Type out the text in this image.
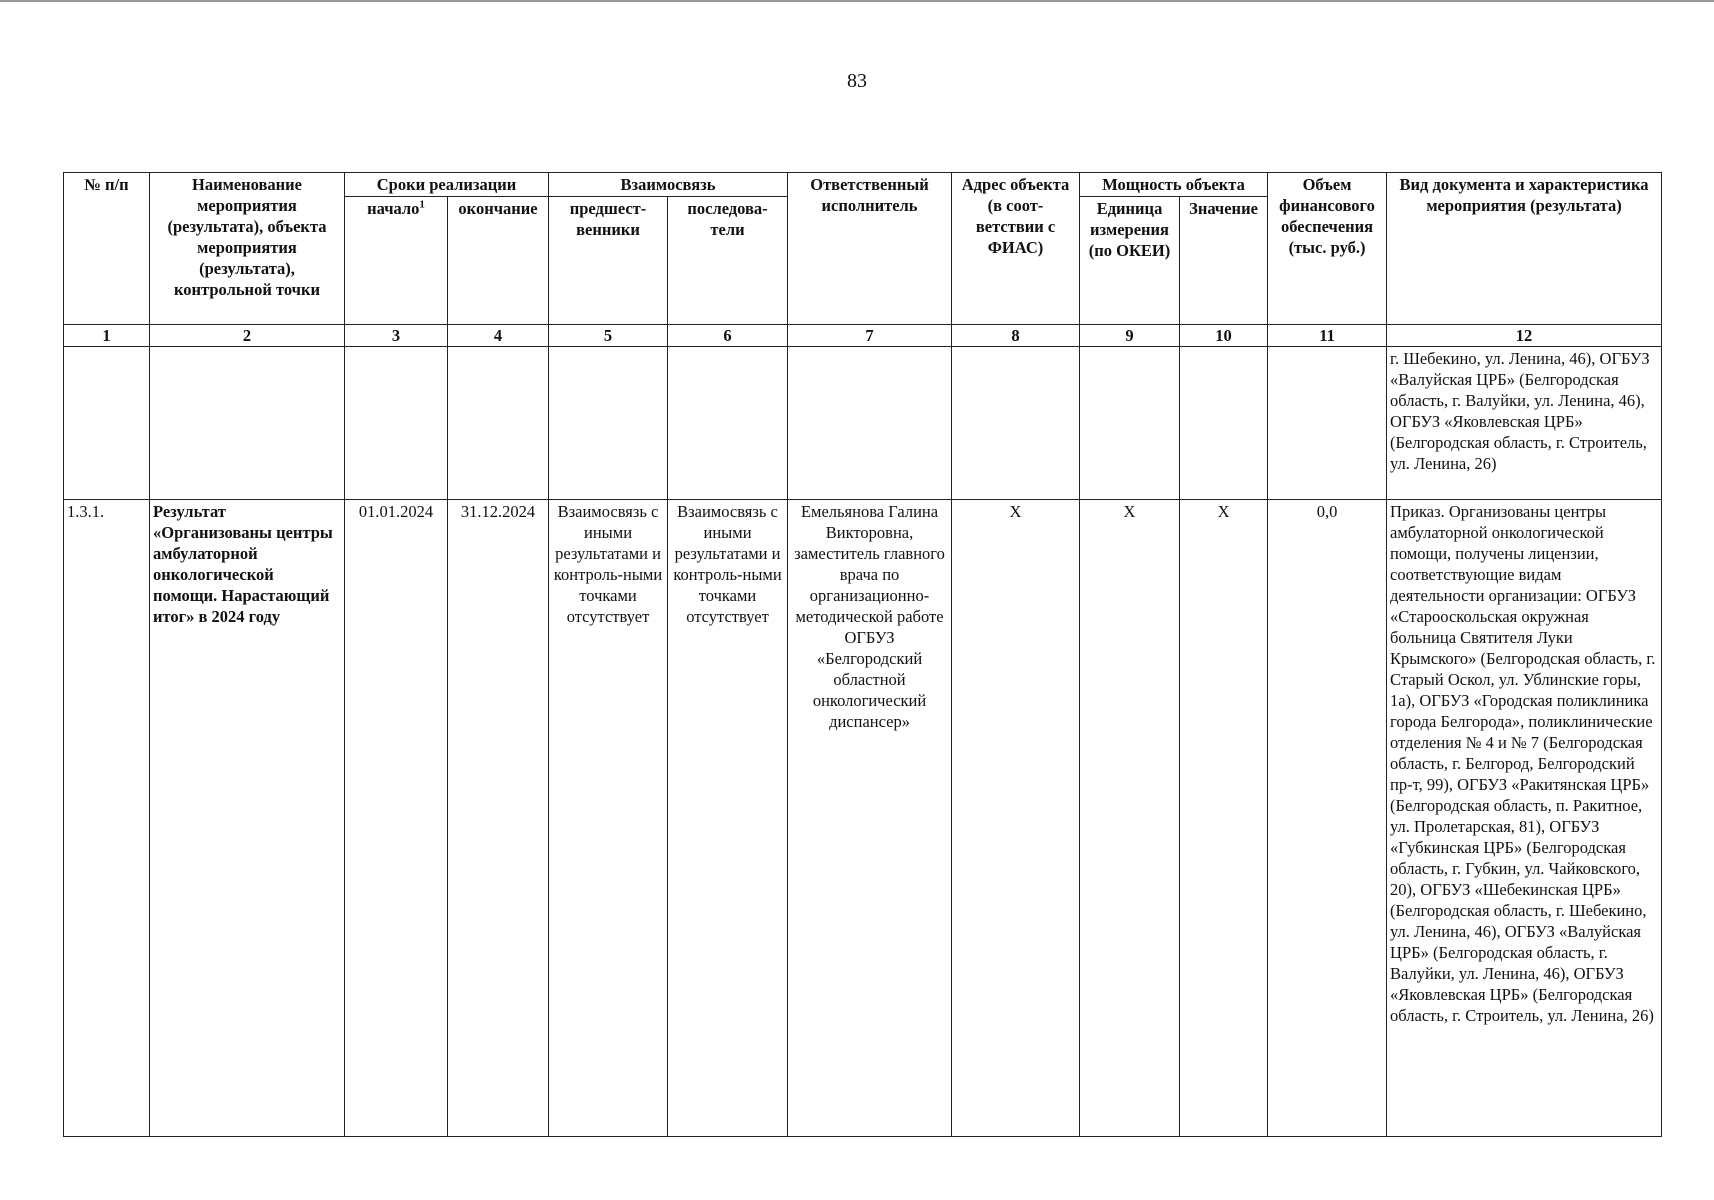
83
№ п/п	Наименование мероприятия (результата), объекта мероприятия (результата), контрольной точки	Сроки реализации		Взаимосвязь		Ответственный исполнитель	Адрес объекта (в соот-ветствии с ФИАС)	Мощность объекта		Объем финансового обеспечения (тыс. руб.)	Вид документа и характеристика мероприятия (результата)
		начало$^1$	окончание	предшест-венники	последова-тели			Единица измерения (по ОКЕИ)	Значение		
1	2	3	4	5	6	7	8	9	10	11	12
											г. Шебекино, ул. Ленина, 46), ОГБУЗ «Валуйская ЦРБ» (Белгородская область, г. Валуйки, ул. Ленина, 46), ОГБУЗ «Яковлевская ЦРБ» (Белгородская область, г. Строитель, ул. Ленина, 26)
1.3.1.	Результат «Организованы центры амбулаторной онкологической помощи. Нарастающий итог» в 2024 году	01.01.2024	31.12.2024	Взаимосвязь с иными результатами и контроль-ными точками отсутствует	Взаимосвязь с иными результатами и контроль-ными точками отсутствует	Емельянова Галина Викторовна, заместитель главного врача по организационно-методической работе ОГБУЗ «Белгородский областной онкологический диспансер»	X	X	X	0,0	Приказ. Организованы центры амбулаторной онкологической помощи, получены лицензии, соответствующие видам деятельности организации: ОГБУЗ «Старооскольская окружная больница Святителя Луки Крымского» (Белгородская область, г. Старый Оскол, ул. Ублинские горы, 1а), ОГБУЗ «Городская поликлиника города Белгорода», поликлинические отделения № 4 и № 7 (Белгородская область, г. Белгород, Белгородский пр-т, 99), ОГБУЗ «Ракитянская ЦРБ» (Белгородская область, п. Ракитное, ул. Пролетарская, 81), ОГБУЗ «Губкинская ЦРБ» (Белгородская область, г. Губкин, ул. Чайковского, 20), ОГБУЗ «Шебекинская ЦРБ» (Белгородская область, г. Шебекино, ул. Ленина, 46), ОГБУЗ «Валуйская ЦРБ» (Белгородская область, г. Валуйки, ул. Ленина, 46), ОГБУЗ «Яковлевская ЦРБ» (Белгородская область, г. Строитель, ул. Ленина, 26)
